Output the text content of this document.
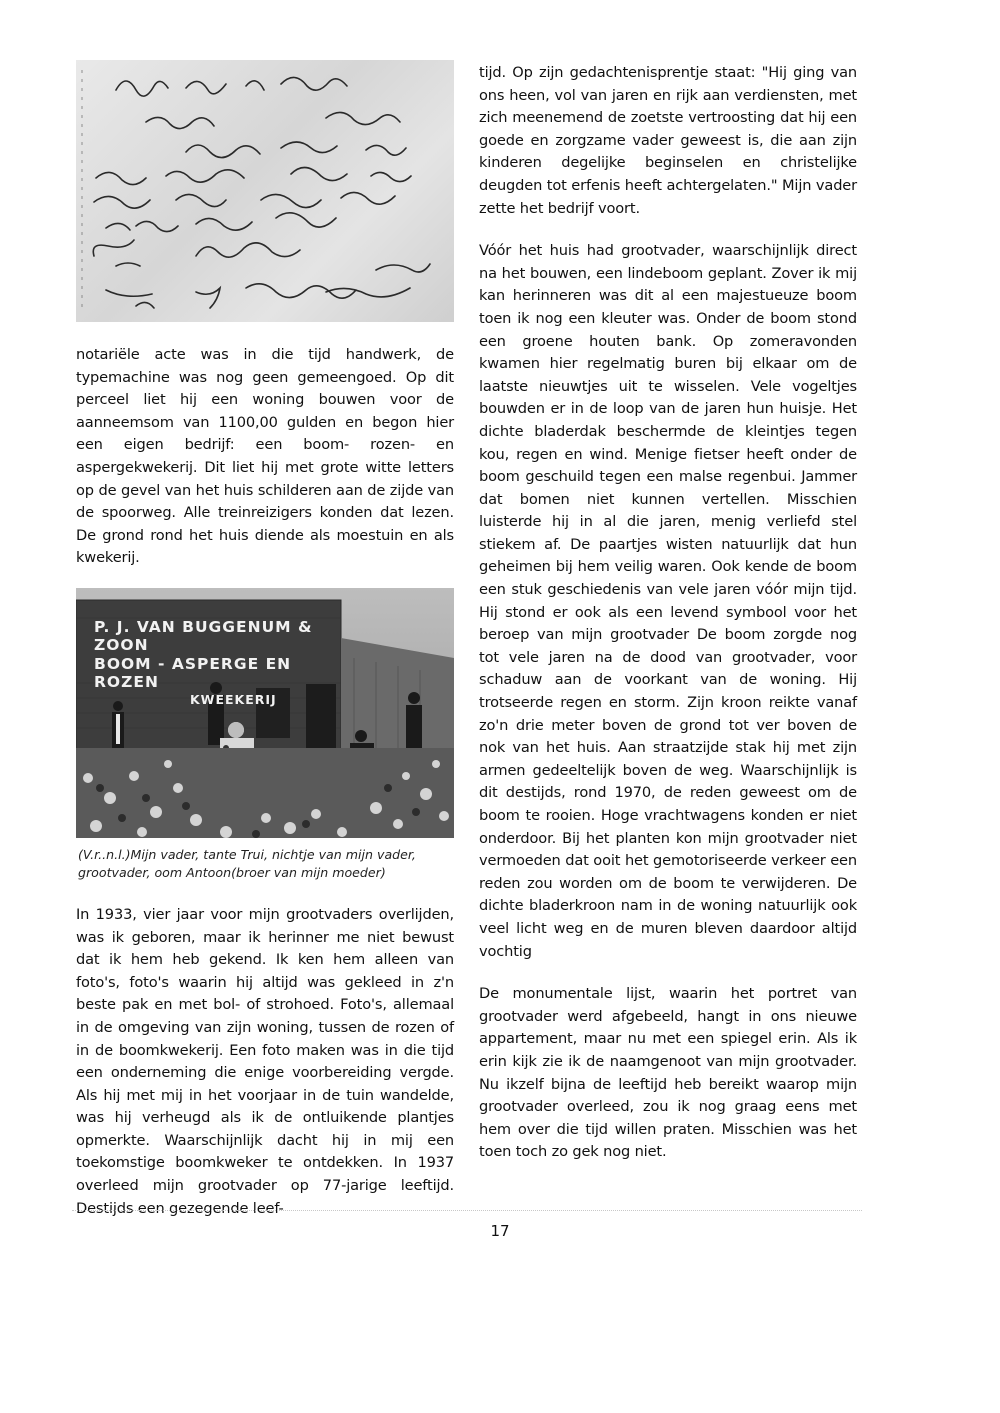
notariële acte was in die tijd handwerk, de typemachine was nog geen gemeengoed. Op dit perceel liet hij een woning bouwen voor de aanneemsom van 1100,00 gulden en begon hier een eigen bedrijf: een boom- rozen- en aspergekwekerij. Dit liet hij met grote witte letters op de gevel van het huis schilderen aan de zijde van de spoorweg. Alle treinreizigers konden dat lezen. De grond rond het huis diende als moestuin en als kwekerij.

P. J. VAN BUGGENUM & ZOON
BOOM - ASPERGE EN ROZEN
KWEEKERIJ

(V.r..n.l.)Mijn vader, tante Trui, nichtje van mijn vader, grootvader, oom Antoon(broer van mijn moeder)

In 1933, vier jaar voor mijn grootvaders overlijden, was ik geboren, maar ik herinner me niet bewust dat ik hem heb gekend. Ik ken hem alleen van foto's, foto's waarin hij altijd was gekleed in z'n beste pak en met bol- of strohoed. Foto's, allemaal in de omgeving van zijn woning, tussen de rozen of in de boomkwekerij. Een foto maken was in die tijd een onderneming die enige voorbereiding vergde. Als hij met mij in het voorjaar in de tuin wandelde, was hij verheugd als ik de ontluikende plantjes opmerkte. Waarschijnlijk dacht hij in mij een toekomstige boomkweker te ontdekken. In 1937 overleed mijn grootvader op 77-jarige leeftijd. Destijds een gezegende leef-

tijd. Op zijn gedachtenisprentje staat: "Hij ging van ons heen, vol van jaren en rijk aan verdiensten, met zich meenemend de zoetste vertroosting dat hij een goede en zorgzame vader geweest is, die aan zijn kinderen degelijke beginselen en christelijke deugden tot erfenis heeft achtergelaten." Mijn vader zette het bedrijf voort.

Vóór het huis had grootvader, waarschijnlijk direct na het bouwen, een lindeboom geplant. Zover ik mij kan herinneren was dit al een majestueuze boom toen ik nog een kleuter was. Onder de boom stond een groene houten bank. Op zomeravonden kwamen hier regelmatig buren bij elkaar om de laatste nieuwtjes uit te wisselen. Vele vogeltjes bouwden er in de loop van de jaren hun huisje. Het dichte bladerdak beschermde de kleintjes tegen kou, regen en wind. Menige fietser heeft onder de boom geschuild tegen een malse regenbui. Jammer dat bomen niet kunnen vertellen. Misschien luisterde hij in al die jaren, menig verliefd stel stiekem af. De paartjes wisten natuurlijk dat hun geheimen bij hem veilig waren. Ook kende de boom een stuk geschiedenis van vele jaren vóór mijn tijd. Hij stond er ook als een levend symbool voor het beroep van mijn grootvader De boom zorgde nog tot vele jaren na de dood van grootvader, voor schaduw aan de voorkant van de woning. Hij trotseerde regen en storm. Zijn kroon reikte vanaf zo'n drie meter boven de grond tot ver boven de nok van het huis. Aan straatzijde stak hij met zijn armen gedeeltelijk boven de weg. Waarschijnlijk is dit destijds, rond 1970, de reden geweest om de boom te rooien. Hoge vrachtwagens konden er niet onderdoor. Bij het planten kon mijn grootvader niet vermoeden dat ooit het gemotoriseerde verkeer een reden zou worden om de boom te verwijderen. De dichte bladerkroon nam in de woning natuurlijk ook veel licht weg en de muren bleven daardoor altijd vochtig

De monumentale lijst, waarin het portret van grootvader werd afgebeeld, hangt in ons nieuwe appartement, maar nu met een spiegel erin. Als ik erin kijk zie ik de naamgenoot van mijn grootvader. Nu ikzelf bijna de leeftijd heb bereikt waarop mijn grootvader overleed, zou ik nog graag eens met hem over die tijd willen praten. Misschien was het toen toch zo gek nog niet.

17
